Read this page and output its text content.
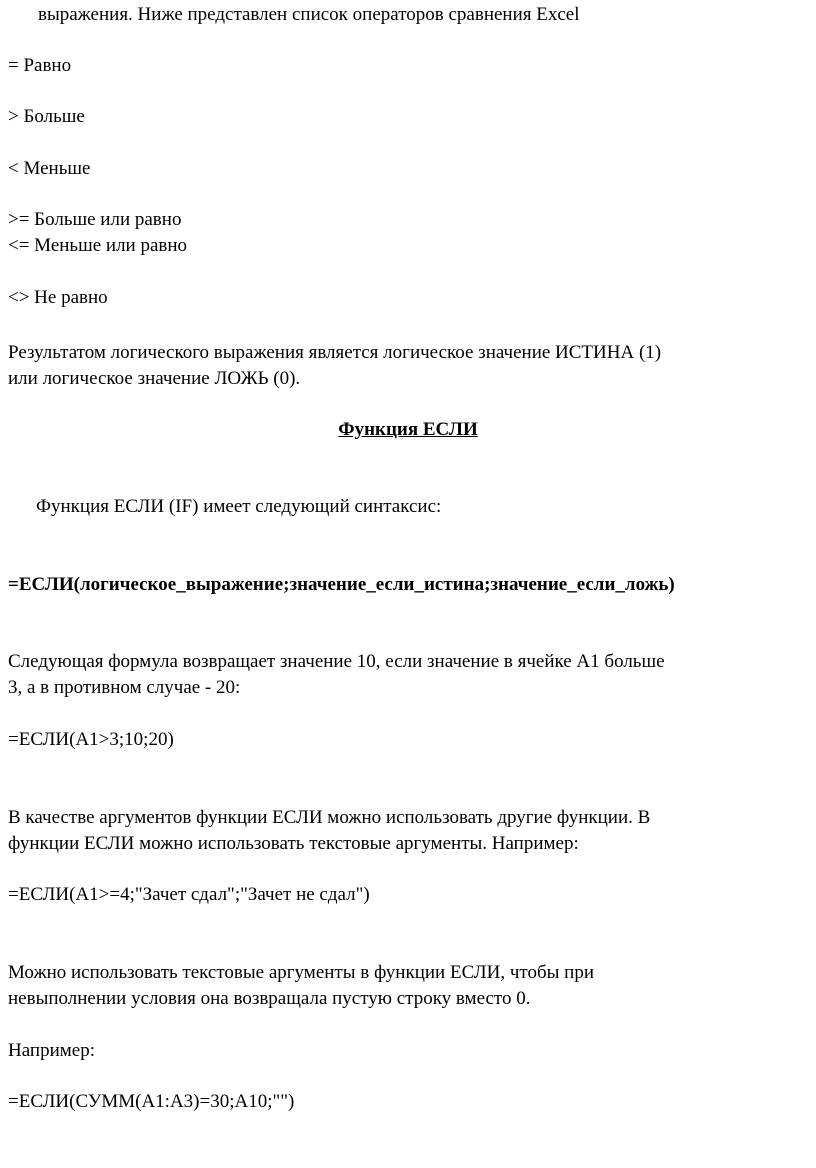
выражения. Ниже представлен список операторов сравнения Excel
= Равно
> Больше
< Меньше
>= Больше или равно
<= Меньше или равно
<> Не равно
Результатом логического выражения является логическое значение ИСТИНА (1)
или логическое значение ЛОЖЬ (0).
Функция ЕСЛИ
Функция ЕСЛИ (IF) имеет следующий синтаксис:
=ЕСЛИ(логическое_выражение;значение_если_истина;значение_если_ложь)
Следующая формула возвращает значение 10, если значение в ячейке А1 больше
3, а в противном случае - 20:
=ЕСЛИ(A1>3;10;20)
В качестве аргументов функции ЕСЛИ можно использовать другие функции. В
функции ЕСЛИ можно использовать текстовые аргументы. Например:
=ЕСЛИ(A1>=4;"Зачет сдал";"Зачет не сдал")
Можно использовать текстовые аргументы в функции ЕСЛИ, чтобы при
невыполнении условия она возвращала пустую строку вместо 0.
Например:
=ЕСЛИ(СУММ(A1:A3)=30;A10;"")
